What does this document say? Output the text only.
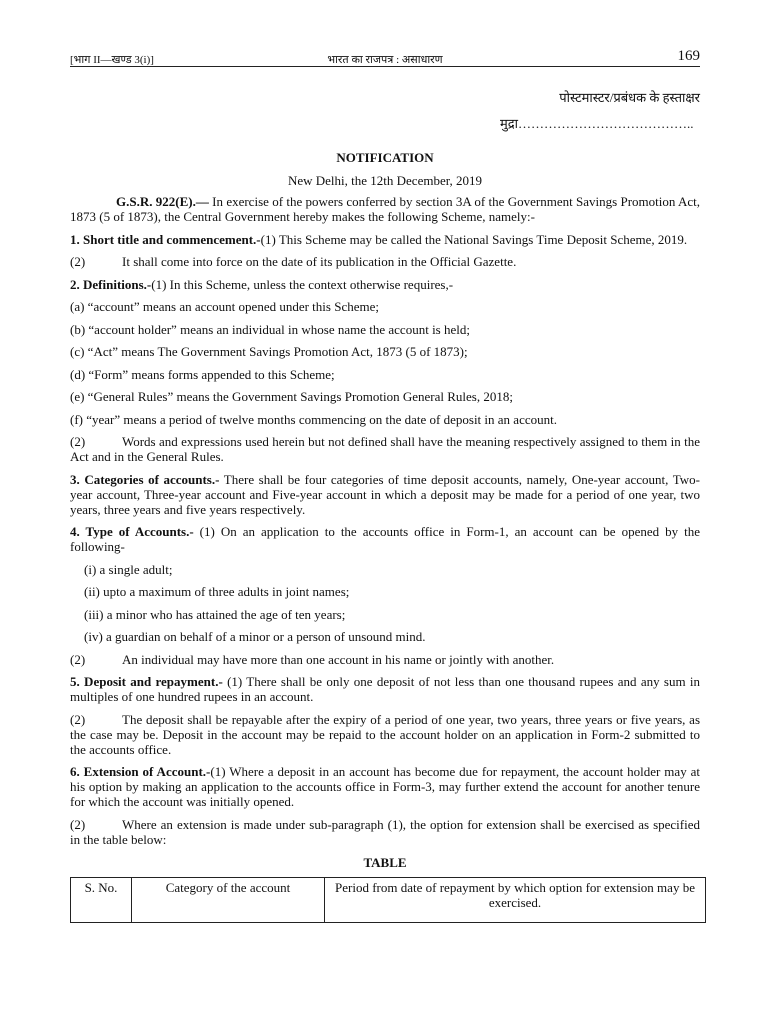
[भाग II—खण्ड 3(i)]	भारत का राजपत्र : असाधारण	169
पोस्टमास्टर/प्रबंधक के हस्ताक्षर
मुद्रा…………………………………..
NOTIFICATION
New Delhi, the 12th December, 2019

G.S.R. 922(E).— In exercise of the powers conferred by section 3A of the Government Savings Promotion Act, 1873 (5 of 1873), the Central Government hereby makes the following Scheme, namely:-

1. Short title and commencement.-(1) This Scheme may be called the National Savings Time Deposit Scheme, 2019.

(2)	It shall come into force on the date of its publication in the Official Gazette.

2. Definitions.-(1) In this Scheme, unless the context otherwise requires,-

(a) “account” means an account opened under this Scheme;

(b) “account holder” means an individual in whose name the account is held;

(c) “Act” means The Government Savings Promotion Act, 1873 (5 of 1873);

(d) “Form” means forms appended to this Scheme;

(e) “General Rules” means the Government Savings Promotion General Rules, 2018;

(f) “year” means a period of twelve months commencing on the date of deposit in an account.

(2)	Words and expressions used herein but not defined shall have the meaning respectively assigned to them in the Act and in the General Rules.

3. Categories of accounts.- There shall be four categories of time deposit accounts, namely, One-year account, Two-year account, Three-year account and Five-year account in which a deposit may be made for a period of one year, two years, three years and five years respectively.

4. Type of Accounts.- (1) On an application to the accounts office in Form-1, an account can be opened by the following-

(i) a single adult;

(ii) upto a maximum of three adults in joint names;

(iii) a minor who has attained the age of ten years;

(iv) a guardian on behalf of a minor or a person of unsound mind.

(2)	An individual may have more than one account in his name or jointly with another.

5. Deposit and repayment.- (1) There shall be only one deposit of not less than one thousand rupees and any sum in multiples of one hundred rupees in an account.

(2)	The deposit shall be repayable after the expiry of a period of one year, two years, three years or five years, as the case may be. Deposit in the account may be repaid to the account holder on an application in Form-2 submitted to the accounts office.

6. Extension of Account.-(1) Where a deposit in an account has become due for repayment, the account holder may at his option by making an application to the accounts office in Form-3, may further extend the account for another tenure for which the account was initially opened.

(2)	Where an extension is made under sub-paragraph (1), the option for extension shall be exercised as specified in the table below:

TABLE
S. No.	Category of the account	Period from date of repayment by which option for extension may be exercised.
